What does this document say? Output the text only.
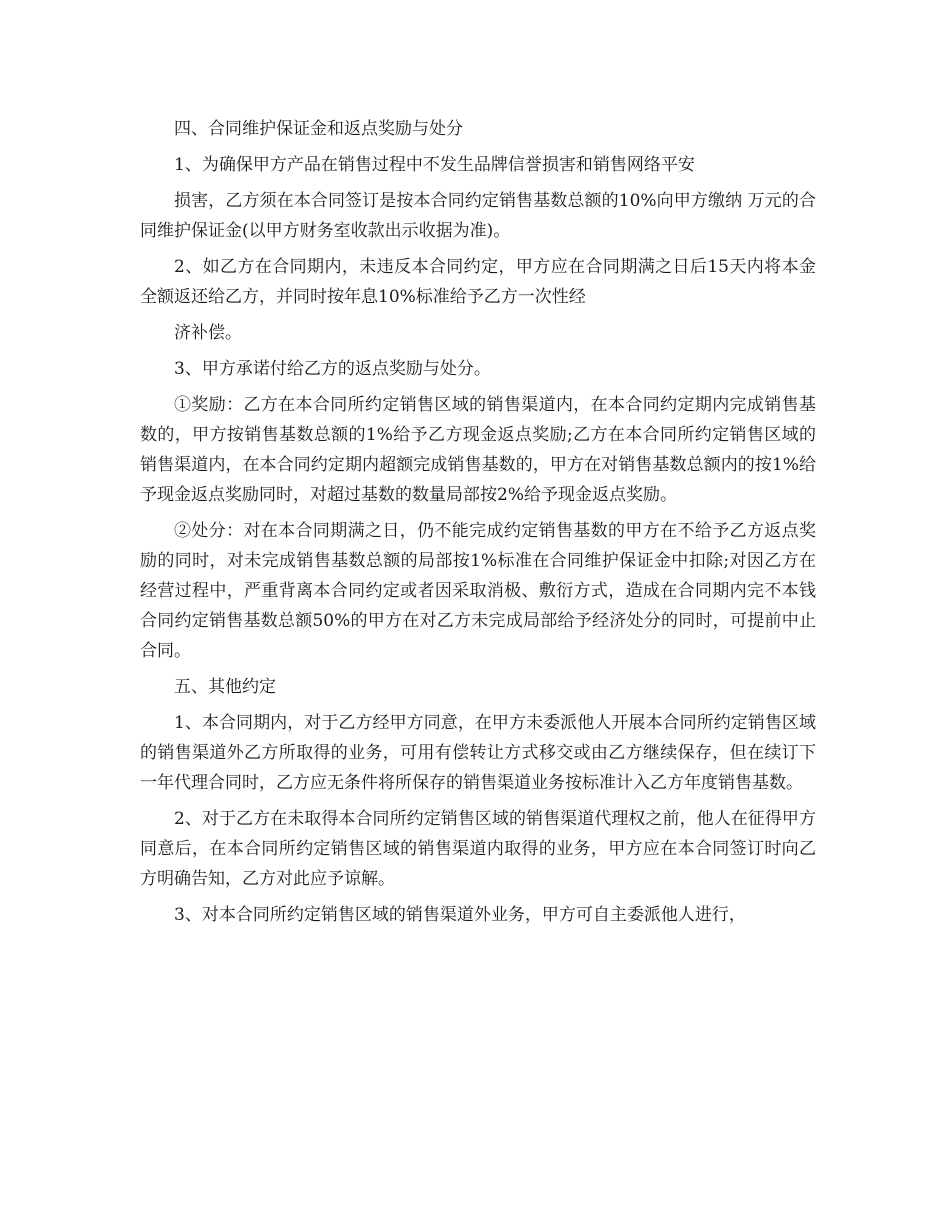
四、合同维护保证金和返点奖励与处分

1、为确保甲方产品在销售过程中不发生品牌信誉损害和销售网络平安

损害，乙方须在本合同签订是按本合同约定销售基数总额的10%向甲方缴纳 万元的合同维护保证金(以甲方财务室收款出示收据为准)。

2、如乙方在合同期内，未违反本合同约定，甲方应在合同期满之日后15天内将本金全额返还给乙方，并同时按年息10%标准给予乙方一次性经

济补偿。

3、甲方承诺付给乙方的返点奖励与处分。

①奖励：乙方在本合同所约定销售区域的销售渠道内，在本合同约定期内完成销售基数的，甲方按销售基数总额的1%给予乙方现金返点奖励;乙方在本合同所约定销售区域的销售渠道内，在本合同约定期内超额完成销售基数的，甲方在对销售基数总额内的按1%给予现金返点奖励同时，对超过基数的数量局部按2%给予现金返点奖励。

②处分：对在本合同期满之日，仍不能完成约定销售基数的甲方在不给予乙方返点奖励的同时，对未完成销售基数总额的局部按1%标准在合同维护保证金中扣除;对因乙方在经营过程中，严重背离本合同约定或者因采取消极、敷衍方式，造成在合同期内完不本钱合同约定销售基数总额50%的甲方在对乙方未完成局部给予经济处分的同时，可提前中止合同。

五、其他约定

1、本合同期内，对于乙方经甲方同意，在甲方未委派他人开展本合同所约定销售区域的销售渠道外乙方所取得的业务，可用有偿转让方式移交或由乙方继续保存，但在续订下一年代理合同时，乙方应无条件将所保存的销售渠道业务按标准计入乙方年度销售基数。

2、对于乙方在未取得本合同所约定销售区域的销售渠道代理权之前，他人在征得甲方同意后，在本合同所约定销售区域的销售渠道内取得的业务，甲方应在本合同签订时向乙方明确告知，乙方对此应予谅解。

3、对本合同所约定销售区域的销售渠道外业务，甲方可自主委派他人进行，
